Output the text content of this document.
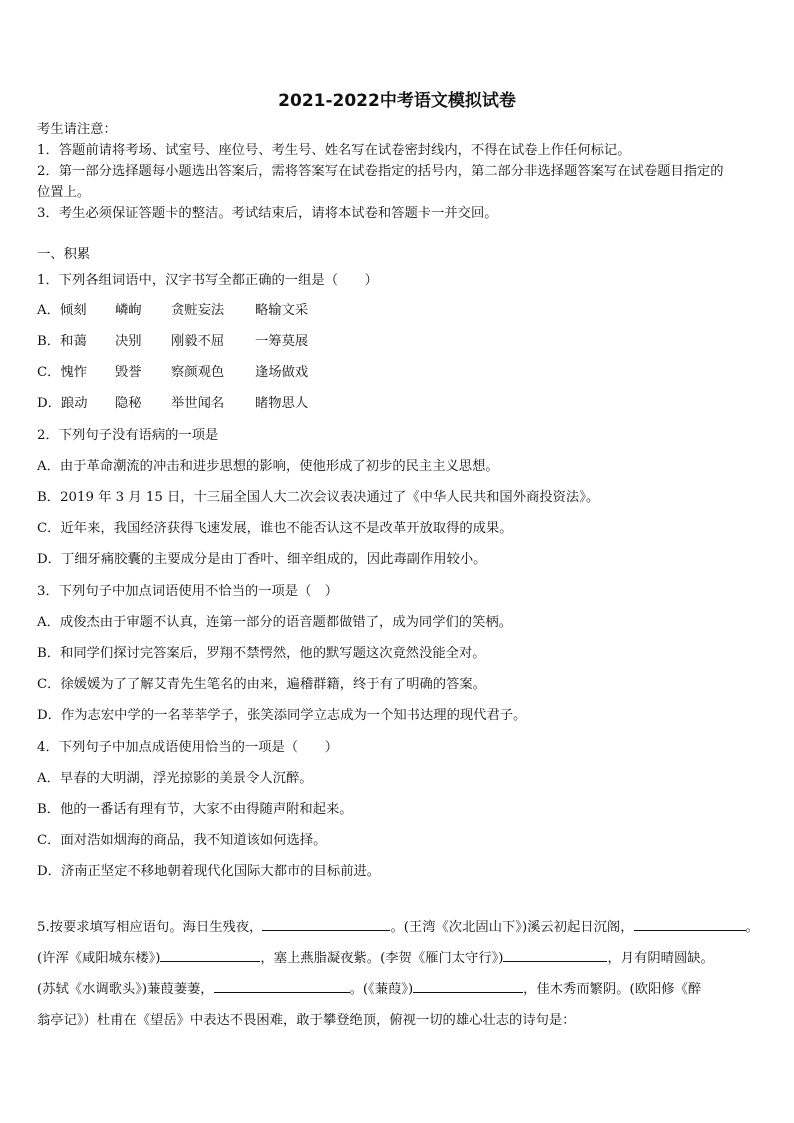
2021-2022中考语文模拟试卷
考生请注意：
1．答题前请将考场、试室号、座位号、考生号、姓名写在试卷密封线内，不得在试卷上作任何标记。
2．第一部分选择题每小题选出答案后，需将答案写在试卷指定的括号内，第二部分非选择题答案写在试卷题目指定的
位置上。
3．考生必须保证答题卡的整洁。考试结束后，请将本试卷和答题卡一并交回。
一、积累
1．下列各组词语中，汉字书写全都正确的一组是（　　）
A．倾刻 嶙峋 贪赃妄法 略输文采
B．和蔼 决别 刚毅不屈 一筹莫展
C．愧怍 毁誉 察颜观色 逢场做戏
D．踉动 隐秘 举世闻名 睹物思人
2．下列句子没有语病的一项是
A．由于革命潮流的冲击和进步思想的影响，使他形成了初步的民主主义思想。
B．2019 年 3 月 15 日，十三届全国人大二次会议表决通过了《中华人民共和国外商投资法》。
C．近年来，我国经济获得飞速发展，谁也不能否认这不是改革开放取得的成果。
D．丁细牙痛胶囊的主要成分是由丁香叶、细辛组成的，因此毒副作用较小。
3．下列句子中加点词语使用不恰当的一项是（　）
A．成俊杰由于审题不认真，连第一部分的语音题都做错了，成为同学们的笑柄。
B．和同学们探讨完答案后，罗翔不禁愕然，他的默写题这次竟然没能全对。
C．徐媛媛为了了解艾青先生笔名的由来，遍稽群籍，终于有了明确的答案。
D．作为志宏中学的一名莘莘学子，张笑添同学立志成为一个知书达理的现代君子。
4．下列句子中加点成语使用恰当的一项是（　　）
A．早春的大明湖，浮光掠影的美景令人沉醉。
B．他的一番话有理有节，大家不由得随声附和起来。
C．面对浩如烟海的商品，我不知道该如何选择。
D．济南正坚定不移地朝着现代化国际大都市的目标前进。
5.按要求填写相应语句。海日生残夜，	。(王湾《次北固山下》)溪云初起日沉阁，	。
(许浑《咸阳城东楼》)	，塞上燕脂凝夜紫。(李贺《雁门太守行》)	，月有阴晴圆缺。
(苏轼《水调歌头》)蒹葭萋萋，	。(《蒹葭》)	，佳木秀而繁阴。(欧阳修《醉
翁亭记》）杜甫在《望岳》中表达不畏困难，敢于攀登绝顶，俯视一切的雄心壮志的诗句是：
